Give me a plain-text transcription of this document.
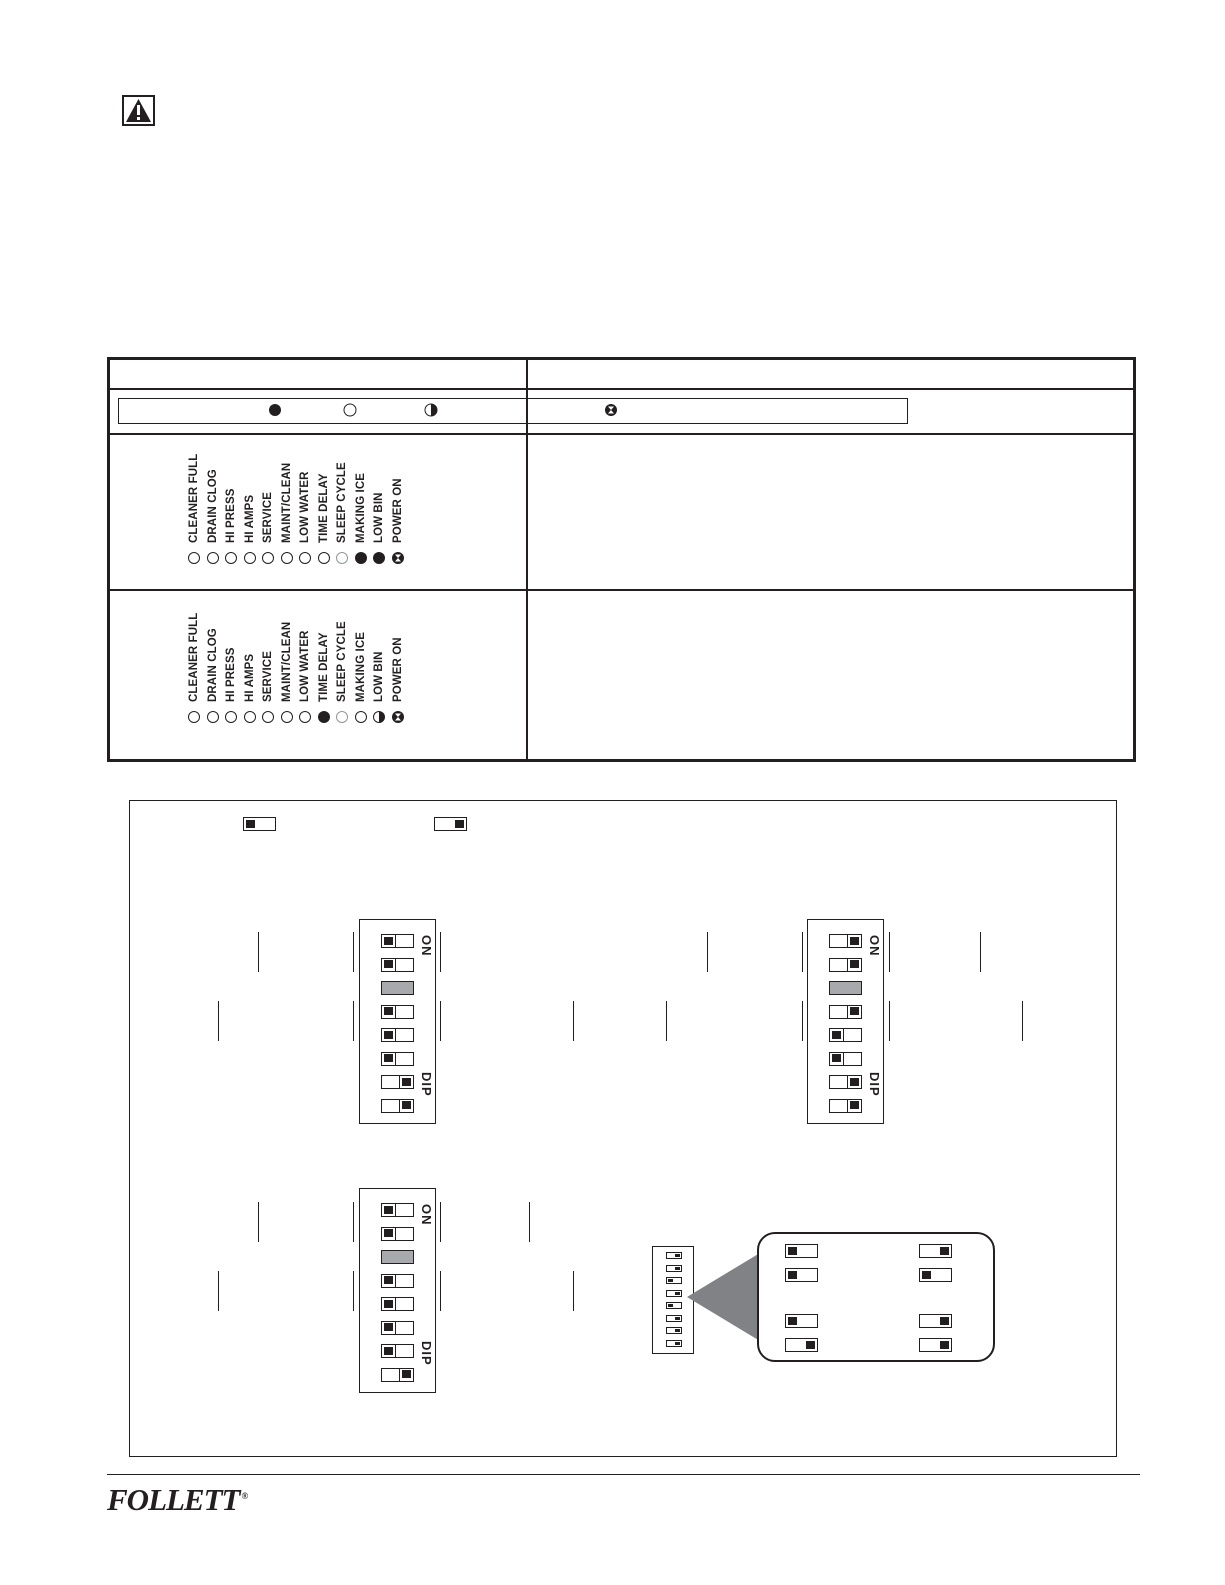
CLEANER FULL DRAIN CLOG HI PRESS HI AMPS SERVICE MAINT/CLEAN LOW WATER TIME DELAY SLEEP CYCLE MAKING ICE LOW BIN POWER ON
CLEANER FULL DRAIN CLOG HI PRESS HI AMPS SERVICE MAINT/CLEAN LOW WATER TIME DELAY SLEEP CYCLE MAKING ICE LOW BIN POWER ON
ON
DIP
ON
DIP
ON
DIP
FOLLETT ®
